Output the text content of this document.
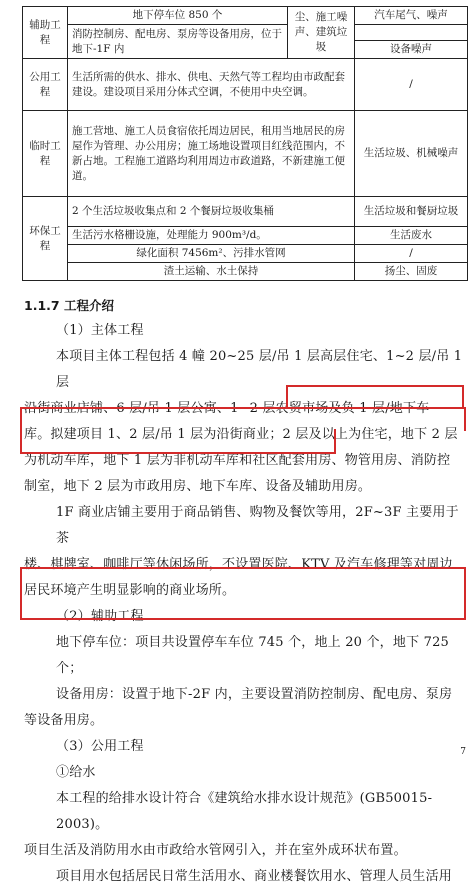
辅助工程	地下停车位 850 个	尘、施工噪声、建筑垃圾	汽车尾气、噪声
	消防控制房、配电房、泵房等设备用房，位于地下-1F 内		
			设备噪声
公用工程	生活所需的供水、排水、供电、天然气等工程均由市政配套建设。建设项目采用分体式空调，不使用中央空调。		/
临时工程	施工营地、施工人员食宿依托周边居民，租用当地居民的房屋作为管理、办公用房；施工场地设置项目红线范围内，不新占地。工程施工道路均利用周边市政道路，不新建施工便道。		生活垃圾、机械噪声
环保工程	2 个生活垃圾收集点和 2 个餐厨垃圾收集桶		生活垃圾和餐厨垃圾
	生活污水格栅设施，处理能力 900m³/d。		生活废水
	绿化面积 7456m²、污排水管网		/
	渣土运输、水土保持		扬尘、固废
1.1.7 工程介绍
（1）主体工程
本项目主体工程包括 4 幢 20~25 层/吊 1 层高层住宅、1~2 层/吊 1 层
沿街商业店铺、6 层/吊 1 层公寓、1~2 层农贸市场及负 1 层/地下车
库。拟建项目 1、2 层/吊 1 层为沿街商业；2 层及以上为住宅，地下 2 层
为机动车库，地下 1 层为非机动车库和社区配套用房、物管用房、消防控
制室，地下 2 层为市政用房、地下车库、设备及辅助用房。
1F 商业店铺主要用于商品销售、购物及餐饮等用，2F~3F 主要用于茶
楼、棋牌室、咖啡厅等休闲场所，不设置医院、KTV 及汽车修理等对周边
居民环境产生明显影响的商业场所。
（2）辅助工程
地下停车位：项目共设置停车车位 745 个，地上 20 个，地下 725 个；
设备用房：设置于地下-2F 内，主要设置消防控制房、配电房、泵房
等设备用房。
（3）公用工程
①给水
本工程的给排水设计符合《建筑给水排水设计规范》(GB50015-2003)。
项目生活及消防用水由市政给水管网引入，并在室外成环状布置。
项目用水包括居民日常生活用水、商业楼餐饮用水、管理人员生活用
7
